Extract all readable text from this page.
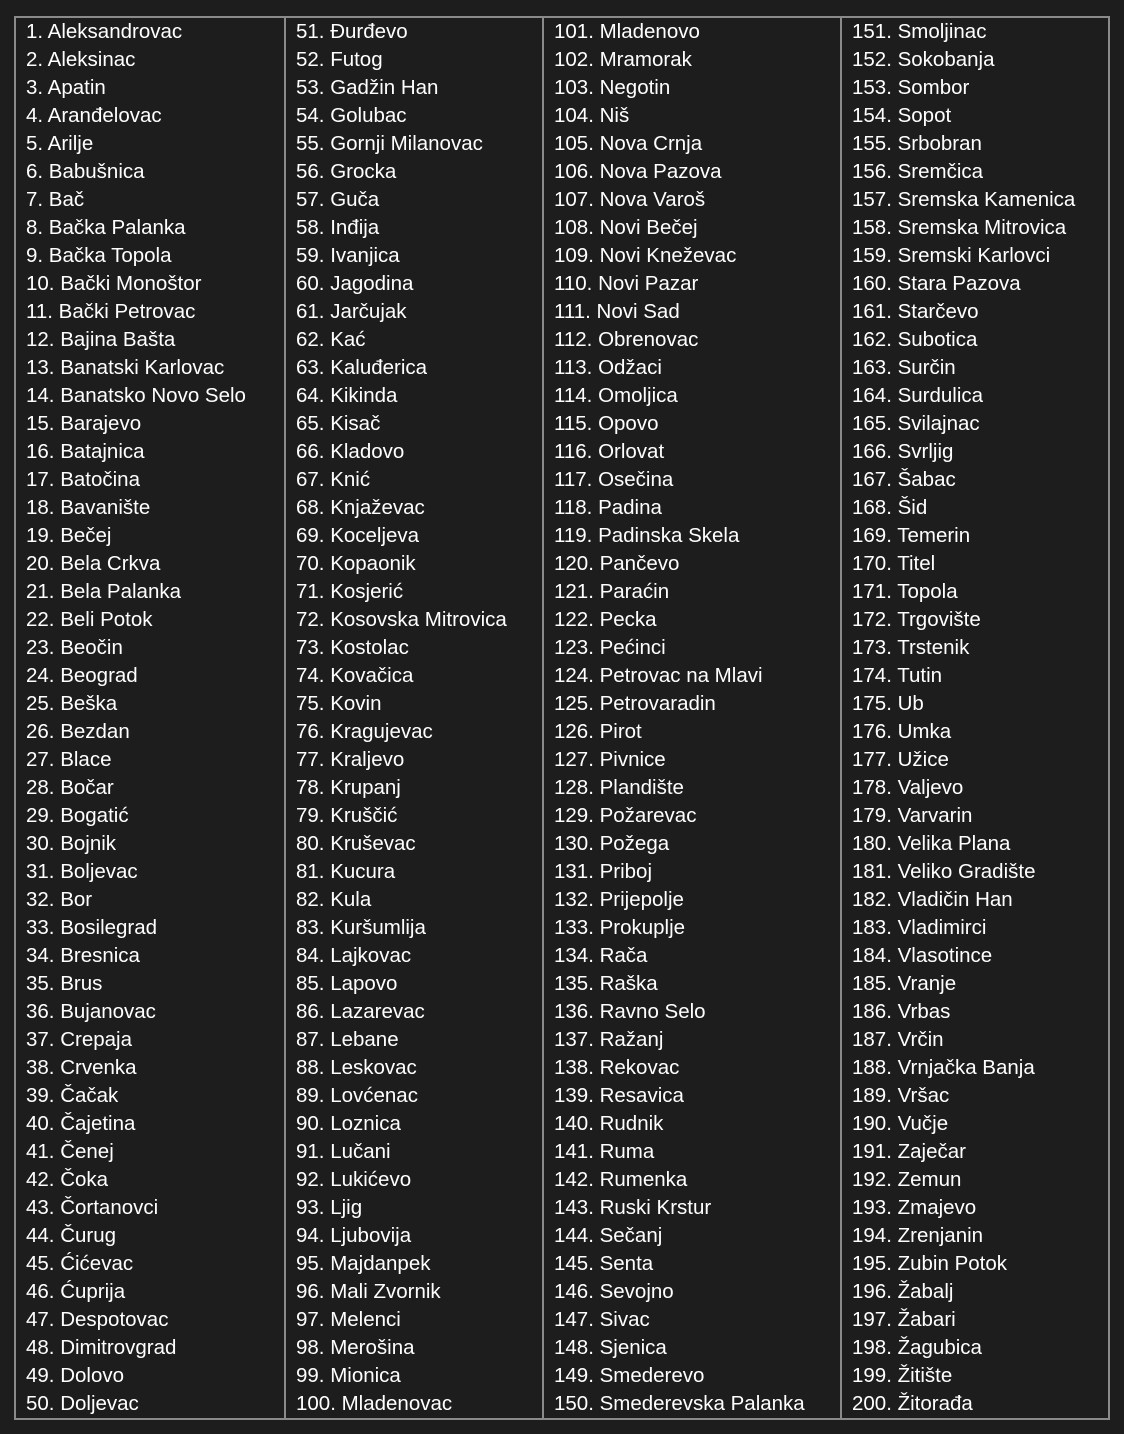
1. Aleksandrovac
2. Aleksinac
3. Apatin
4. Aranđelovac
5. Arilje
6. Babušnica
7. Bač
8. Bačka Palanka
9. Bačka Topola
10. Bački Monoštor
11. Bački Petrovac
12. Bajina Bašta
13. Banatski Karlovac
14. Banatsko Novo Selo
15. Barajevo
16. Batajnica
17. Batočina
18. Bavanište
19. Bečej
20. Bela Crkva
21. Bela Palanka
22. Beli Potok
23. Beočin
24. Beograd
25. Beška
26. Bezdan
27. Blace
28. Bočar
29. Bogatić
30. Bojnik
31. Boljevac
32. Bor
33. Bosilegrad
34. Bresnica
35. Brus
36. Bujanovac
37. Crepaja
38. Crvenka
39. Čačak
40. Čajetina
41. Čenej
42. Čoka
43. Čortanovci
44. Čurug
45. Ćićevac
46. Ćuprija
47. Despotovac
48. Dimitrovgrad
49. Dolovo
50. Doljevac
51. Đurđevo
52. Futog
53. Gadžin Han
54. Golubac
55. Gornji Milanovac
56. Grocka
57. Guča
58. Inđija
59. Ivanjica
60. Jagodina
61. Jarčujak
62. Kać
63. Kaluđerica
64. Kikinda
65. Kisač
66. Kladovo
67. Knić
68. Knjaževac
69. Koceljeva
70. Kopaonik
71. Kosjerić
72. Kosovska Mitrovica
73. Kostolac
74. Kovačica
75. Kovin
76. Kragujevac
77. Kraljevo
78. Krupanj
79. Kruščić
80. Kruševac
81. Kucura
82. Kula
83. Kuršumlija
84. Lajkovac
85. Lapovo
86. Lazarevac
87. Lebane
88. Leskovac
89. Lovćenac
90. Loznica
91. Lučani
92. Lukićevo
93. Ljig
94. Ljubovija
95. Majdanpek
96. Mali Zvornik
97. Melenci
98. Merošina
99. Mionica
100. Mladenovac
101. Mladenovo
102. Mramorak
103. Negotin
104. Niš
105. Nova Crnja
106. Nova Pazova
107. Nova Varoš
108. Novi Bečej
109. Novi Kneževac
110. Novi Pazar
111. Novi Sad
112. Obrenovac
113. Odžaci
114. Omoljica
115. Opovo
116. Orlovat
117. Osečina
118. Padina
119. Padinska Skela
120. Pančevo
121. Paraćin
122. Pecka
123. Pećinci
124. Petrovac na Mlavi
125. Petrovaradin
126. Pirot
127. Pivnice
128. Plandište
129. Požarevac
130. Požega
131. Priboj
132. Prijepolje
133. Prokuplje
134. Rača
135. Raška
136. Ravno Selo
137. Ražanj
138. Rekovac
139. Resavica
140. Rudnik
141. Ruma
142. Rumenka
143. Ruski Krstur
144. Sečanj
145. Senta
146. Sevojno
147. Sivac
148. Sjenica
149. Smederevo
150. Smederevska Palanka
151. Smoljinac
152. Sokobanja
153. Sombor
154. Sopot
155. Srbobran
156. Sremčica
157. Sremska Kamenica
158. Sremska Mitrovica
159. Sremski Karlovci
160. Stara Pazova
161. Starčevo
162. Subotica
163. Surčin
164. Surdulica
165. Svilajnac
166. Svrljig
167. Šabac
168. Šid
169. Temerin
170. Titel
171. Topola
172. Trgovište
173. Trstenik
174. Tutin
175. Ub
176. Umka
177. Užice
178. Valjevo
179. Varvarin
180. Velika Plana
181. Veliko Gradište
182. Vladičin Han
183. Vladimirci
184. Vlasotince
185. Vranje
186. Vrbas
187. Vrčin
188. Vrnjačka Banja
189. Vršac
190. Vučje
191. Zaječar
192. Zemun
193. Zmajevo
194. Zrenjanin
195. Zubin Potok
196. Žabalj
197. Žabari
198. Žagubica
199. Žitište
200. Žitorađa
